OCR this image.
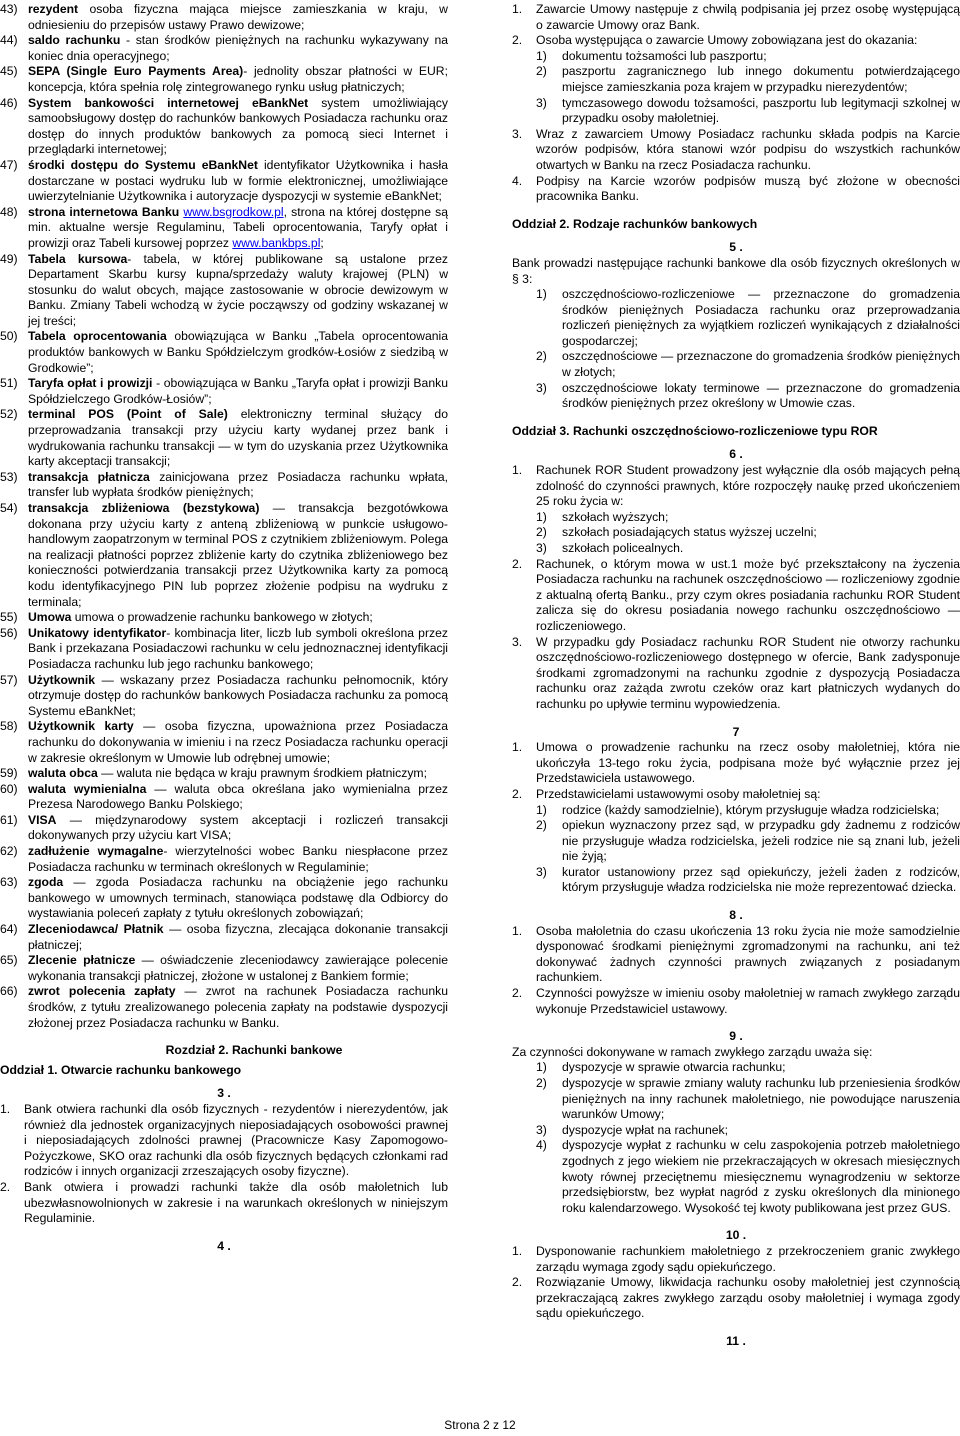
43) rezydent osoba fizyczna mająca miejsce zamieszkania w kraju, w odniesieniu do przepisów ustawy Prawo dewizowe;
44) saldo rachunku - stan środków pieniężnych na rachunku wykazywany na koniec dnia operacyjnego;
45) SEPA (Single Euro Payments Area)- jednolity obszar płatności w EUR; koncepcja, która spełnia rolę zintegrowanego rynku usług płatniczych;
46) System bankowości internetowej eBankNet system umożliwiający samoobsługowy dostęp do rachunków bankowych Posiadacza rachunku oraz dostęp do innych produktów bankowych za pomocą sieci Internet i przeglądarki internetowej;
47) środki dostępu do Systemu eBankNet identyfikator Użytkownika i hasła dostarczane w postaci wydruku lub w formie elektronicznej, umożliwiające uwierzytelnianie Użytkownika i autoryzacje dyspozycji w systemie eBankNet;
48) strona internetowa Banku www.bsgrodkow.pl, strona na której dostępne są min. aktualne wersje Regulaminu, Tabeli oprocentowania, Taryfy opłat i prowizji oraz Tabeli kursowej poprzez www.bankbps.pl;
49) Tabela kursowa- tabela, w której publikowane są ustalone przez Departament Skarbu kursy kupna/sprzedaży waluty krajowej (PLN) w stosunku do walut obcych, mające zastosowanie w obrocie dewizowym w Banku. Zmiany Tabeli wchodzą w życie począwszy od godziny wskazanej w jej treści;
50) Tabela oprocentowania obowiązująca w Banku „Tabela oprocentowania produktów bankowych w Banku Spółdzielczym grodków-Łosiów z siedzibą w Grodkowie”;
51) Taryfa opłat i prowizji - obowiązująca w Banku „Taryfa opłat i prowizji Banku Spółdzielczego Grodków-Łosiów”;
52) terminal POS (Point of Sale) elektroniczny terminal służący do przeprowadzania transakcji przy użyciu karty wydanej przez bank i wydrukowania rachunku transakcji — w tym do uzyskania przez Użytkownika karty akceptacji transakcji;
53) transakcja płatnicza zainicjowana przez Posiadacza rachunku wpłata, transfer lub wypłata środków pieniężnych;
54) transakcja zbliżeniowa (bezstykowa) — transakcja bezgotówkowa dokonana przy użyciu karty z anteną zbliżeniową w punkcie usługowo-handlowym zaopatrzonym w terminal POS z czytnikiem zbliżeniowym. Polega na realizacji płatności poprzez zbliżenie karty do czytnika zbliżeniowego bez konieczności potwierdzania transakcji przez Użytkownika karty za pomocą kodu identyfikacyjnego PIN lub poprzez złożenie podpisu na wydruku z terminala;
55) Umowa umowa o prowadzenie rachunku bankowego w złotych;
56) Unikatowy identyfikator- kombinacja liter, liczb lub symboli określona przez Bank i przekazana Posiadaczowi rachunku w celu jednoznacznej identyfikacji Posiadacza rachunku lub jego rachunku bankowego;
57) Użytkownik — wskazany przez Posiadacza rachunku pełnomocnik, który otrzymuje dostęp do rachunków bankowych Posiadacza rachunku za pomocą Systemu eBankNet;
58) Użytkownik karty — osoba fizyczna, upoważniona przez Posiadacza rachunku do dokonywania w imieniu i na rzecz Posiadacza rachunku operacji w zakresie określonym w Umowie lub odrębnej umowie;
59) waluta obca — waluta nie będąca w kraju prawnym środkiem płatniczym;
60) waluta wymienialna — waluta obca określana jako wymienialna przez Prezesa Narodowego Banku Polskiego;
61) VISA — międzynarodowy system akceptacji i rozliczeń transakcji dokonywanych przy użyciu kart VISA;
62) zadłużenie wymagalne- wierzytelności wobec Banku niespłacone przez Posiadacza rachunku w terminach określonych w Regulaminie;
63) zgoda — zgoda Posiadacza rachunku na obciążenie jego rachunku bankowego w umownych terminach, stanowiąca podstawę dla Odbiorcy do wystawiania poleceń zapłaty z tytułu określonych zobowiązań;
64) Zleceniodawca/ Płatnik — osoba fizyczna, zlecająca dokonanie transakcji płatniczej;
65) Zlecenie płatnicze — oświadczenie zleceniodawcy zawierające polecenie wykonania transakcji płatniczej, złożone w ustalonej z Bankiem formie;
66) zwrot polecenia zapłaty — zwrot na rachunek Posiadacza rachunku środków, z tytułu zrealizowanego polecenia zapłaty na podstawie dyspozycji złożonej przez Posiadacza rachunku w Banku.
Rozdział 2. Rachunki bankowe
Oddział 1. Otwarcie rachunku bankowego
3 .
1.	Bank otwiera rachunki dla osób fizycznych - rezydentów i nierezydentów, jak również dla jednostek organizacyjnych nieposiadających osobowości prawnej i nieposiadających zdolności prawnej (Pracownicze Kasy Zapomogowo-Pożyczkowe, SKO oraz rachunki dla osób fizycznych będących członkami rad rodziców i innych organizacji zrzeszających osoby fizyczne).
2.	Bank otwiera i prowadzi rachunki także dla osób małoletnich lub ubezwłasnowolnionych w zakresie i na warunkach określonych w niniejszym Regulaminie.
4 .
1.	Zawarcie Umowy następuje z chwilą podpisania jej przez osobę występującą o zawarcie Umowy oraz Bank.
2.	Osoba występująca o zawarcie Umowy zobowiązana jest do okazania:
1)	dokumentu tożsamości lub paszportu;
2)	paszportu zagranicznego lub innego dokumentu potwierdzającego miejsce zamieszkania poza krajem w przypadku nierezydentów;
3)	tymczasowego dowodu tożsamości, paszportu lub legitymacji szkolnej w przypadku osoby małoletniej.
3.	Wraz z zawarciem Umowy Posiadacz rachunku składa podpis na Karcie wzorów podpisów, która stanowi wzór podpisu do wszystkich rachunków otwartych w Banku na rzecz Posiadacza rachunku.
4.	Podpisy na Karcie wzorów podpisów muszą być złożone w obecności pracownika Banku.
Oddział 2. Rodzaje rachunków bankowych
5 .

Bank prowadzi następujące rachunki bankowe dla osób fizycznych określonych w § 3:

1)	oszczędnościowo-rozliczeniowe — przeznaczone do gromadzenia środków pieniężnych Posiadacza rachunku oraz przeprowadzania rozliczeń pieniężnych za wyjątkiem rozliczeń wynikających z działalności gospodarczej;
2)	oszczędnościowe — przeznaczone do gromadzenia środków pieniężnych w złotych;
3)	oszczędnościowe lokaty terminowe — przeznaczone do gromadzenia środków pieniężnych przez określony w Umowie czas.
Oddział 3. Rachunki oszczędnościowo-rozliczeniowe typu ROR
6 .
1.	Rachunek ROR Student prowadzony jest wyłącznie dla osób mających pełną zdolność do czynności prawnych, które rozpoczęły naukę przed ukończeniem 25 roku życia w:
1)	szkołach wyższych;
2)	szkołach posiadających status wyższej uczelni;
3)	szkołach policealnych.
2.	Rachunek, o którym mowa w ust.1 może być przekształcony na życzenia Posiadacza rachunku na rachunek oszczędnościowo — rozliczeniowy zgodnie z aktualną ofertą Banku., przy czym okres posiadania rachunku ROR Student zalicza się do okresu posiadania nowego rachunku oszczędnościowo — rozliczeniowego.
3.	W przypadku gdy Posiadacz rachunku ROR Student nie otworzy rachunku oszczędnościowo-rozliczeniowego dostępnego w ofercie, Bank zadysponuje środkami zgromadzonymi na rachunku zgodnie z dyspozycją Posiadacza rachunku oraz zażąda zwrotu czeków oraz kart płatniczych wydanych do rachunku po upływie terminu wypowiedzenia.
7
1.	Umowa o prowadzenie rachunku na rzecz osoby małoletniej, która nie ukończyła 13-tego roku życia, podpisana może być wyłącznie przez jej Przedstawiciela ustawowego.
2.	Przedstawicielami ustawowymi osoby małoletniej są:
1)	rodzice (każdy samodzielnie), którym przysługuje władza rodzicielska;
2)	opiekun wyznaczony przez sąd, w przypadku gdy żadnemu z rodziców nie przysługuje władza rodzicielska, jeżeli rodzice nie są znani lub, jeżeli nie żyją;
3)	kurator ustanowiony przez sąd opiekuńczy, jeżeli żaden z rodziców, którym przysługuje władza rodzicielska nie może reprezentować dziecka.
8 .
1.	Osoba małoletnia do czasu ukończenia 13 roku życia nie może samodzielnie dysponować środkami pieniężnymi zgromadzonymi na rachunku, ani też dokonywać żadnych czynności prawnych związanych z posiadanym rachunkiem.
2.	Czynności powyższe w imieniu osoby małoletniej w ramach zwykłego zarządu wykonuje Przedstawiciel ustawowy.
9 .

Za czynności dokonywane w ramach zwykłego zarządu uważa się:

1)	dyspozycje w sprawie otwarcia rachunku;
2)	dyspozycje w sprawie zmiany waluty rachunku lub przeniesienia środków pieniężnych na inny rachunek małoletniego, nie powodujące naruszenia warunków Umowy;
3)	dyspozycje wpłat na rachunek;
4)	dyspozycje wypłat z rachunku w celu zaspokojenia potrzeb małoletniego zgodnych z jego wiekiem nie przekraczających w okresach miesięcznych kwoty równej przeciętnemu miesięcznemu wynagrodzeniu w sektorze przedsiębiorstw, bez wypłat nagród z zysku określonych dla minionego roku kalendarzowego. Wysokość tej kwoty publikowana jest przez GUS.
10 .
1.	Dysponowanie rachunkiem małoletniego z przekroczeniem granic zwykłego zarządu wymaga zgody sądu opiekuńczego.
2.	Rozwiązanie Umowy, likwidacja rachunku osoby małoletniej jest czynnością przekraczającą zakres zwykłego zarządu osoby małoletniej i wymaga zgody sądu opiekuńczego.
11 .
Strona 2 z 12
